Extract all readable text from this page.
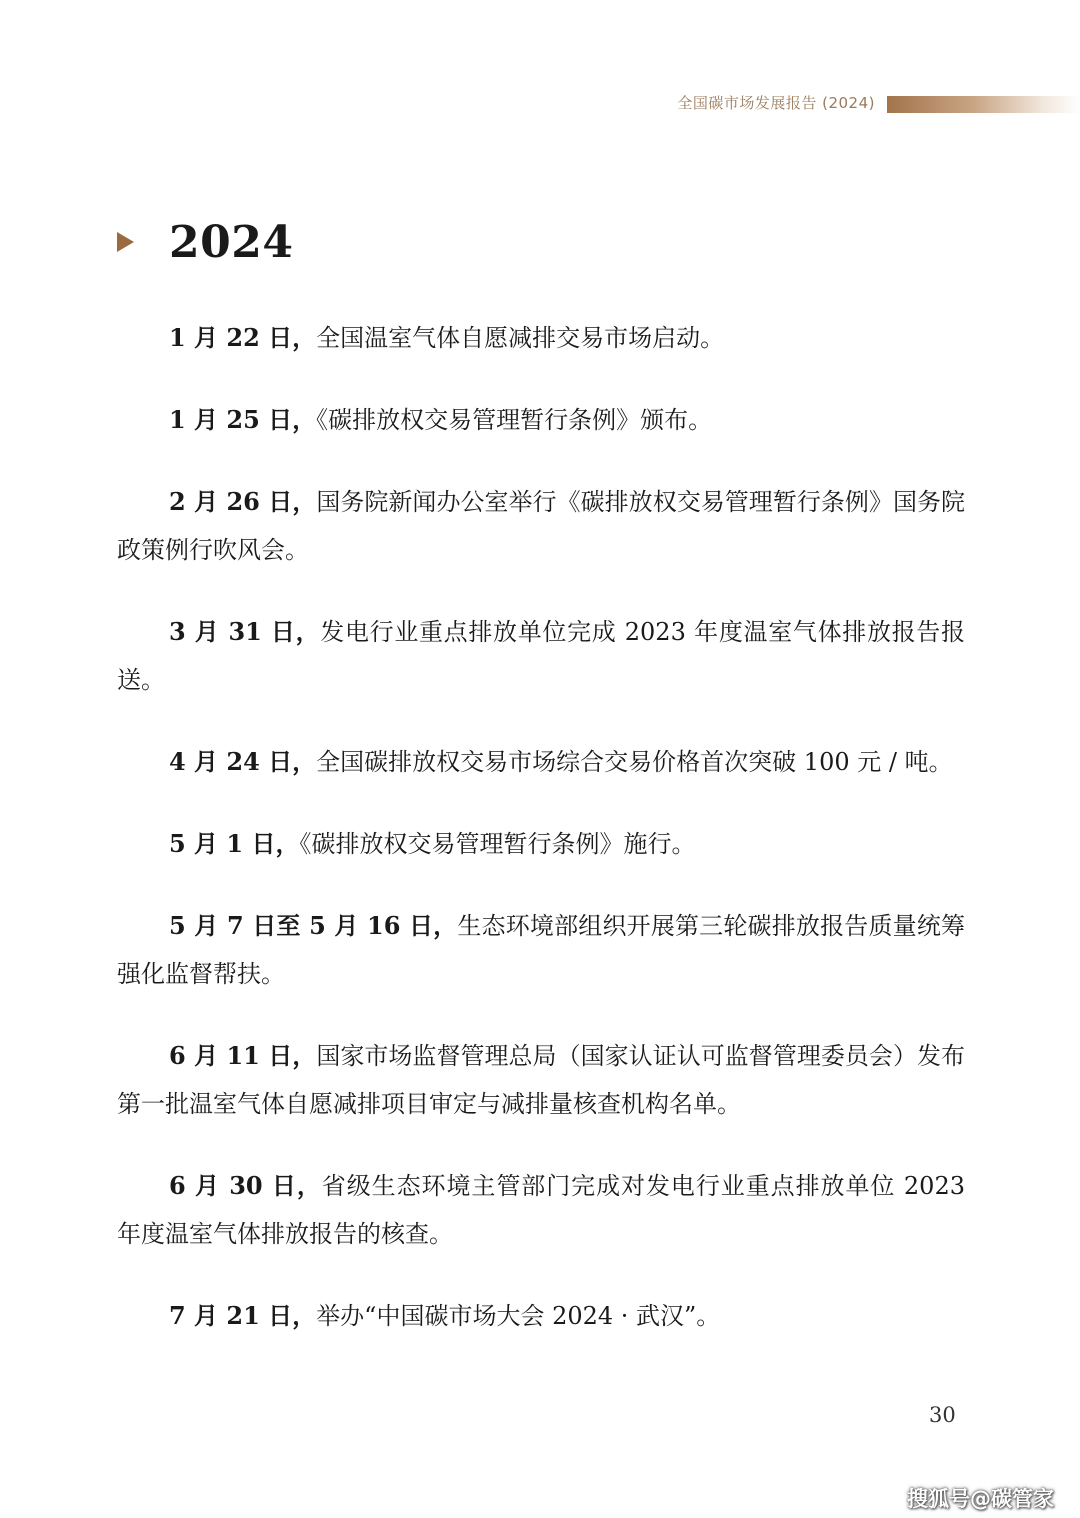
全国碳市场发展报告 (2024)
2024

1 月 22 日，全国温室气体自愿减排交易市场启动。

1 月 25 日，《碳排放权交易管理暂行条例》颁布。

2 月 26 日，国务院新闻办公室举行《碳排放权交易管理暂行条例》国务院政策例行吹风会。

3 月 31 日，发电行业重点排放单位完成 2023 年度温室气体排放报告报送。

4 月 24 日，全国碳排放权交易市场综合交易价格首次突破 100 元 / 吨。

5 月 1 日，《碳排放权交易管理暂行条例》施行。

5 月 7 日至 5 月 16 日，生态环境部组织开展第三轮碳排放报告质量统筹强化监督帮扶。

6 月 11 日，国家市场监督管理总局（国家认证认可监督管理委员会）发布第一批温室气体自愿减排项目审定与减排量核查机构名单。

6 月 30 日，省级生态环境主管部门完成对发电行业重点排放单位 2023 年度温室气体排放报告的核查。

7 月 21 日，举办“中国碳市场大会 2024 · 武汉”。

30
搜狐号@碳管家
